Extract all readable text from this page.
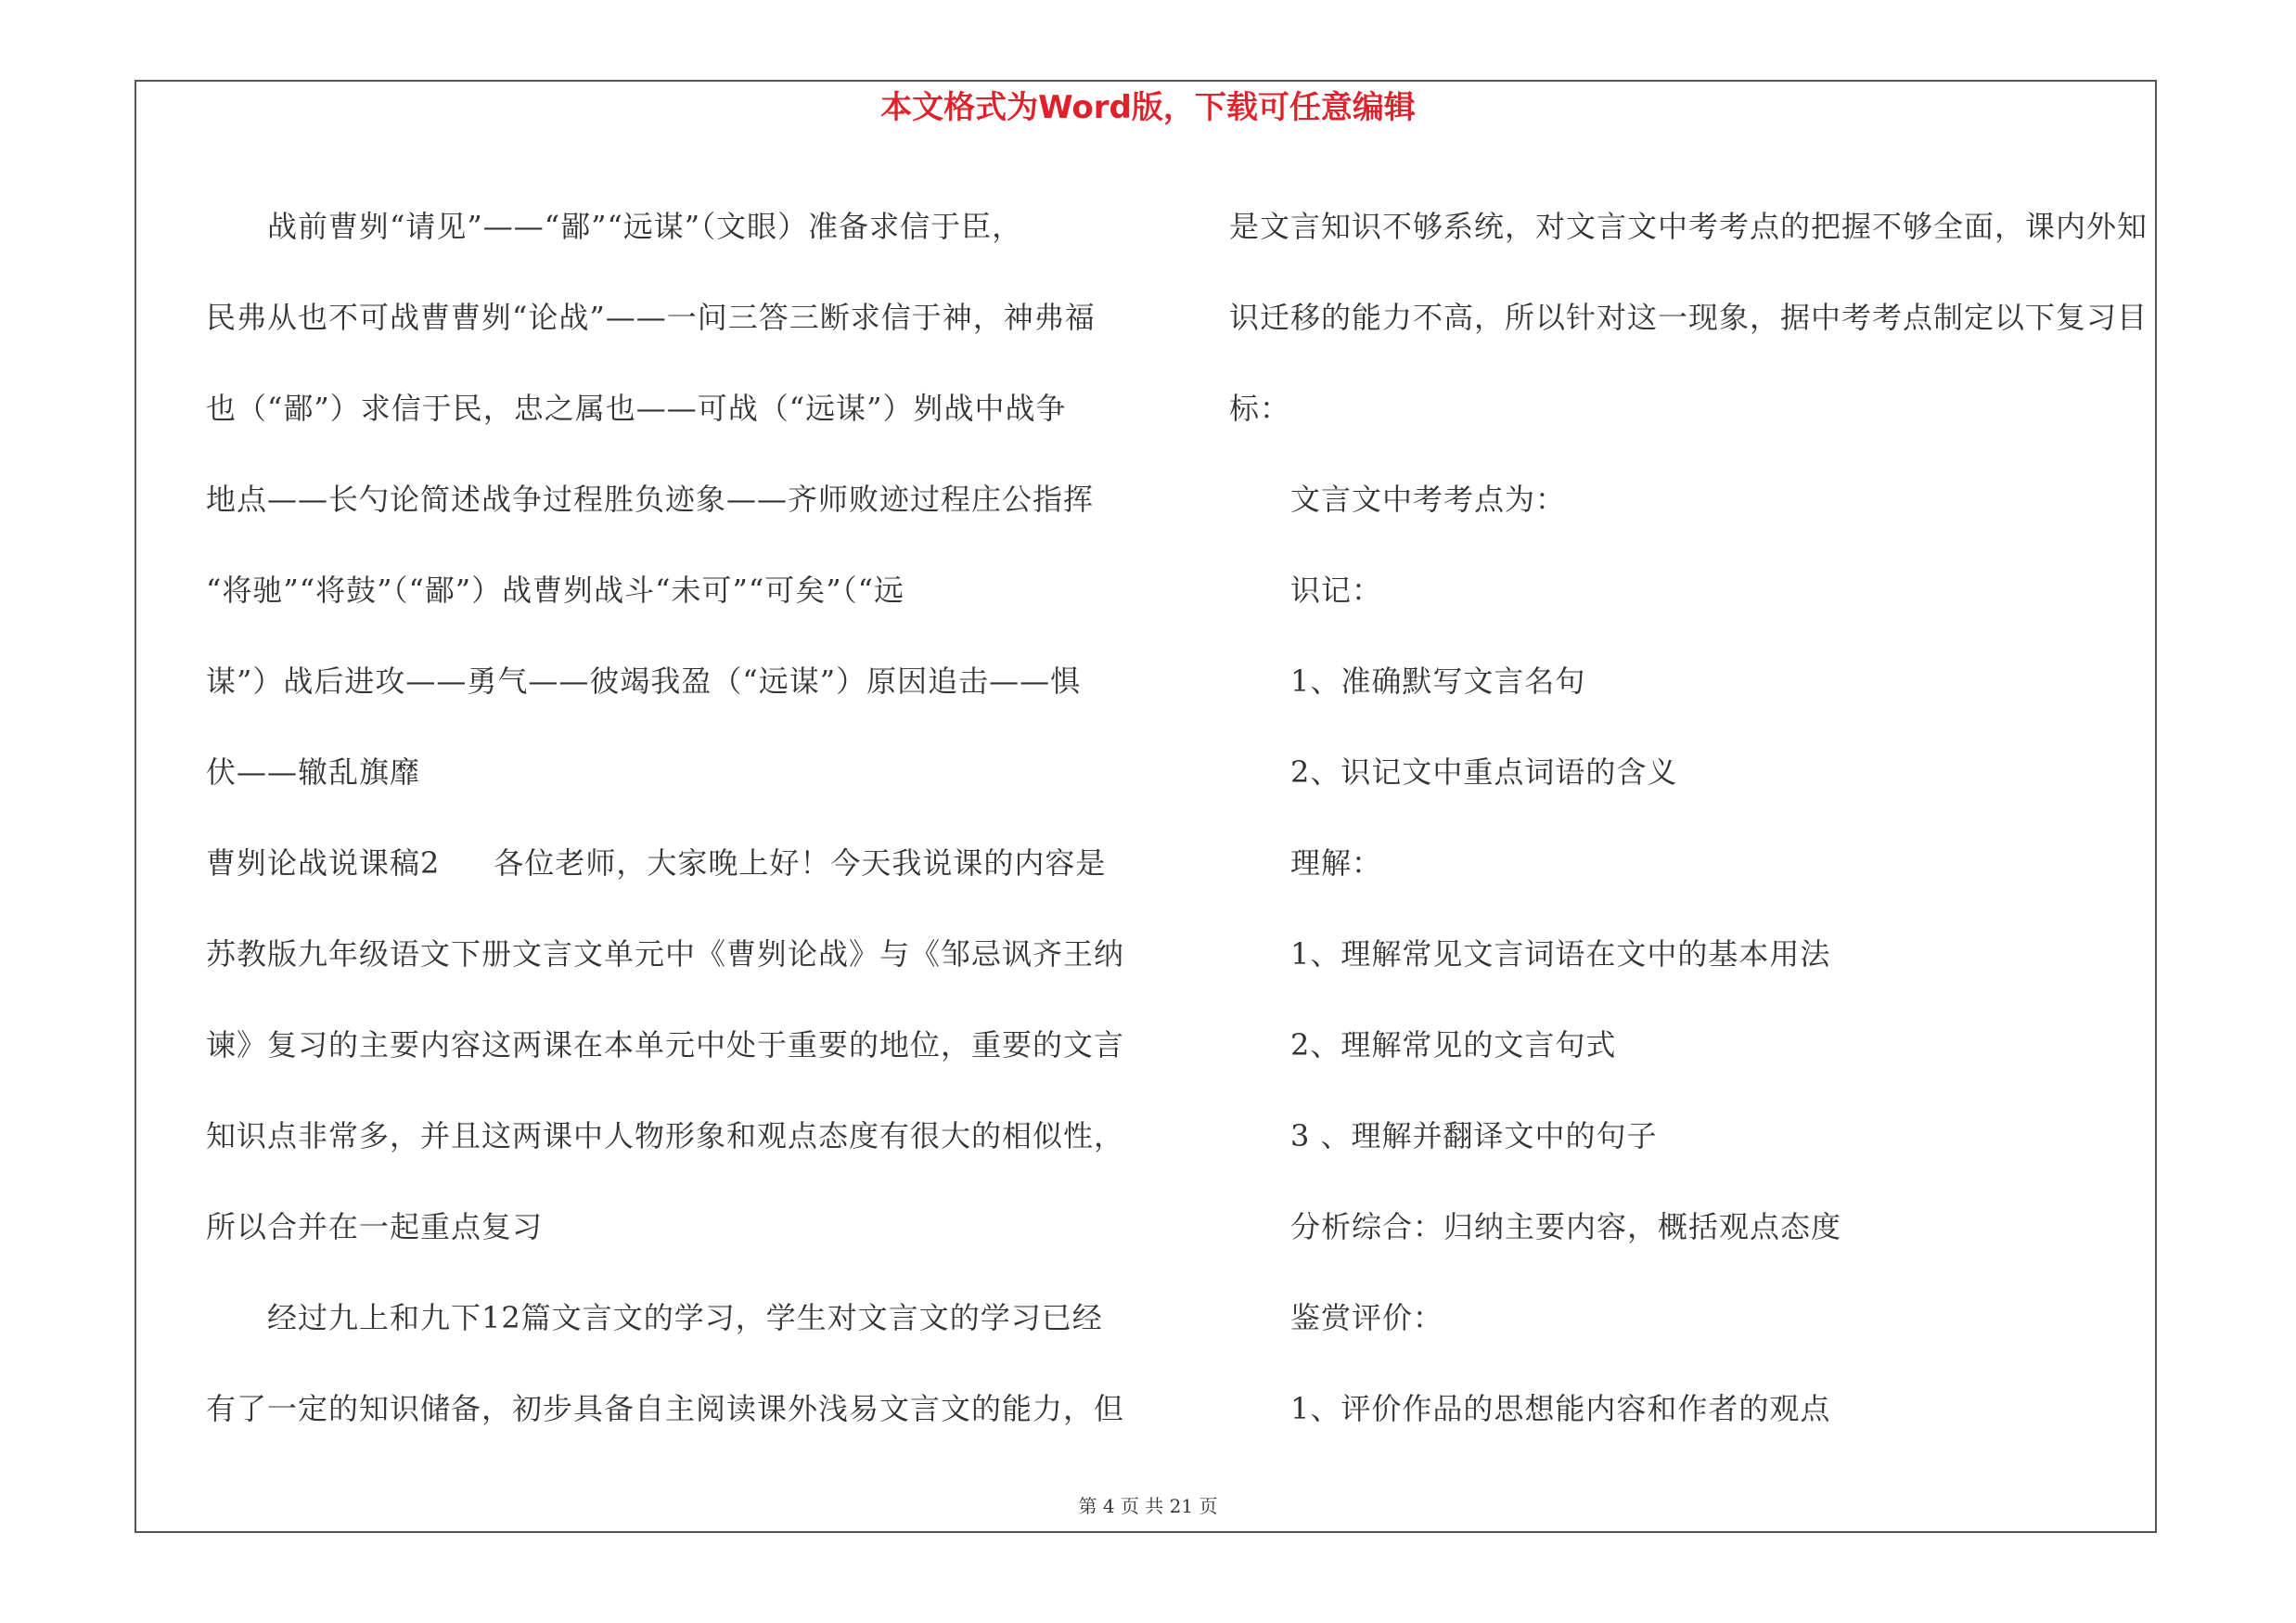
本文格式为Word版，下载可任意编辑
战前曹刿“请见”——“鄙”“远谋”（文眼）准备求信于臣，
民弗从也不可战曹曹刿“论战”——一问三答三断求信于神，神弗福
也（“鄙”）求信于民，忠之属也——可战（“远谋”）刿战中战争
地点——长勺论简述战争过程胜负迹象——齐师败迹过程庄公指挥
“将驰”“将鼓”（“鄙”）战曹刿战斗“未可”“可矣”（“远
谋”）战后进攻——勇气——彼竭我盈（“远谋”）原因追击——惧
伏——辙乱旗靡
曹刿论战说课稿2 各位老师，大家晚上好！今天我说课的内容是
苏教版九年级语文下册文言文单元中《曹刿论战》与《邹忌讽齐王纳
谏》复习的主要内容这两课在本单元中处于重要的地位，重要的文言
知识点非常多，并且这两课中人物形象和观点态度有很大的相似性，
所以合并在一起重点复习
经过九上和九下12篇文言文的学习，学生对文言文的学习已经
有了一定的知识储备，初步具备自主阅读课外浅易文言文的能力，但
是文言知识不够系统，对文言文中考考点的把握不够全面，课内外知
识迁移的能力不高，所以针对这一现象，据中考考点制定以下复习目
标：
文言文中考考点为：
识记：
1、准确默写文言名句
2、识记文中重点词语的含义
理解：
1、理解常见文言词语在文中的基本用法
2、理解常见的文言句式
3 、理解并翻译文中的句子
分析综合：归纳主要内容，概括观点态度
鉴赏评价：
1、评价作品的思想能内容和作者的观点
第 4 页 共 21 页
